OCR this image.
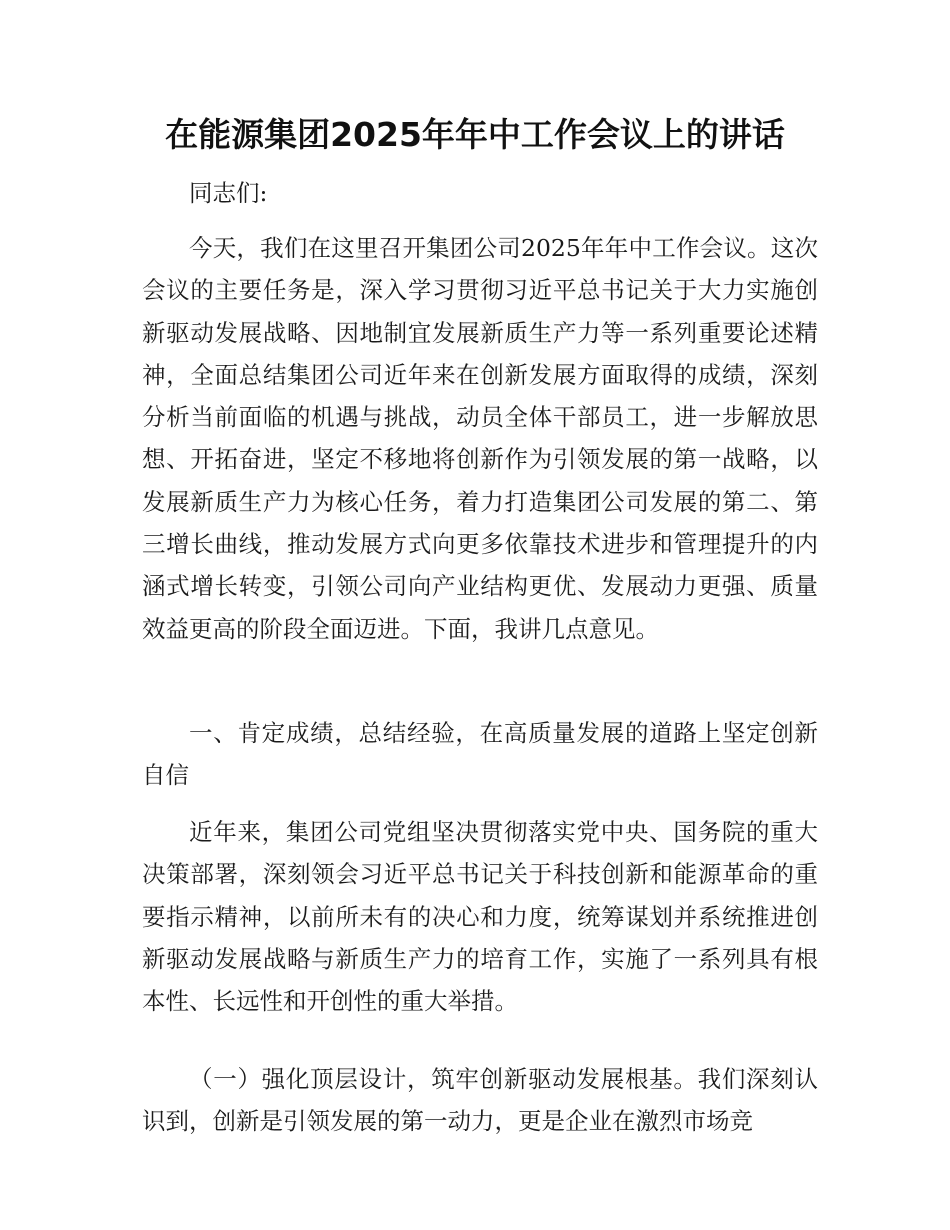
在能源集团2025年年中工作会议上的讲话
同志们:

今天，我们在这里召开集团公司2025年年中工作会议。这次会议的主要任务是，深入学习贯彻习近平总书记关于大力实施创新驱动发展战略、因地制宜发展新质生产力等一系列重要论述精神，全面总结集团公司近年来在创新发展方面取得的成绩，深刻分析当前面临的机遇与挑战，动员全体干部员工，进一步解放思想、开拓奋进，坚定不移地将创新作为引领发展的第一战略，以发展新质生产力为核心任务，着力打造集团公司发展的第二、第三增长曲线，推动发展方式向更多依靠技术进步和管理提升的内涵式增长转变，引领公司向产业结构更优、发展动力更强、质量效益更高的阶段全面迈进。下面，我讲几点意见。

一、肯定成绩，总结经验，在高质量发展的道路上坚定创新自信

近年来，集团公司党组坚决贯彻落实党中央、国务院的重大决策部署，深刻领会习近平总书记关于科技创新和能源革命的重要指示精神，以前所未有的决心和力度，统筹谋划并系统推进创新驱动发展战略与新质生产力的培育工作，实施了一系列具有根本性、长远性和开创性的重大举措。

（一）强化顶层设计，筑牢创新驱动发展根基。我们深刻认识到，创新是引领发展的第一动力，更是企业在激烈市场竞
